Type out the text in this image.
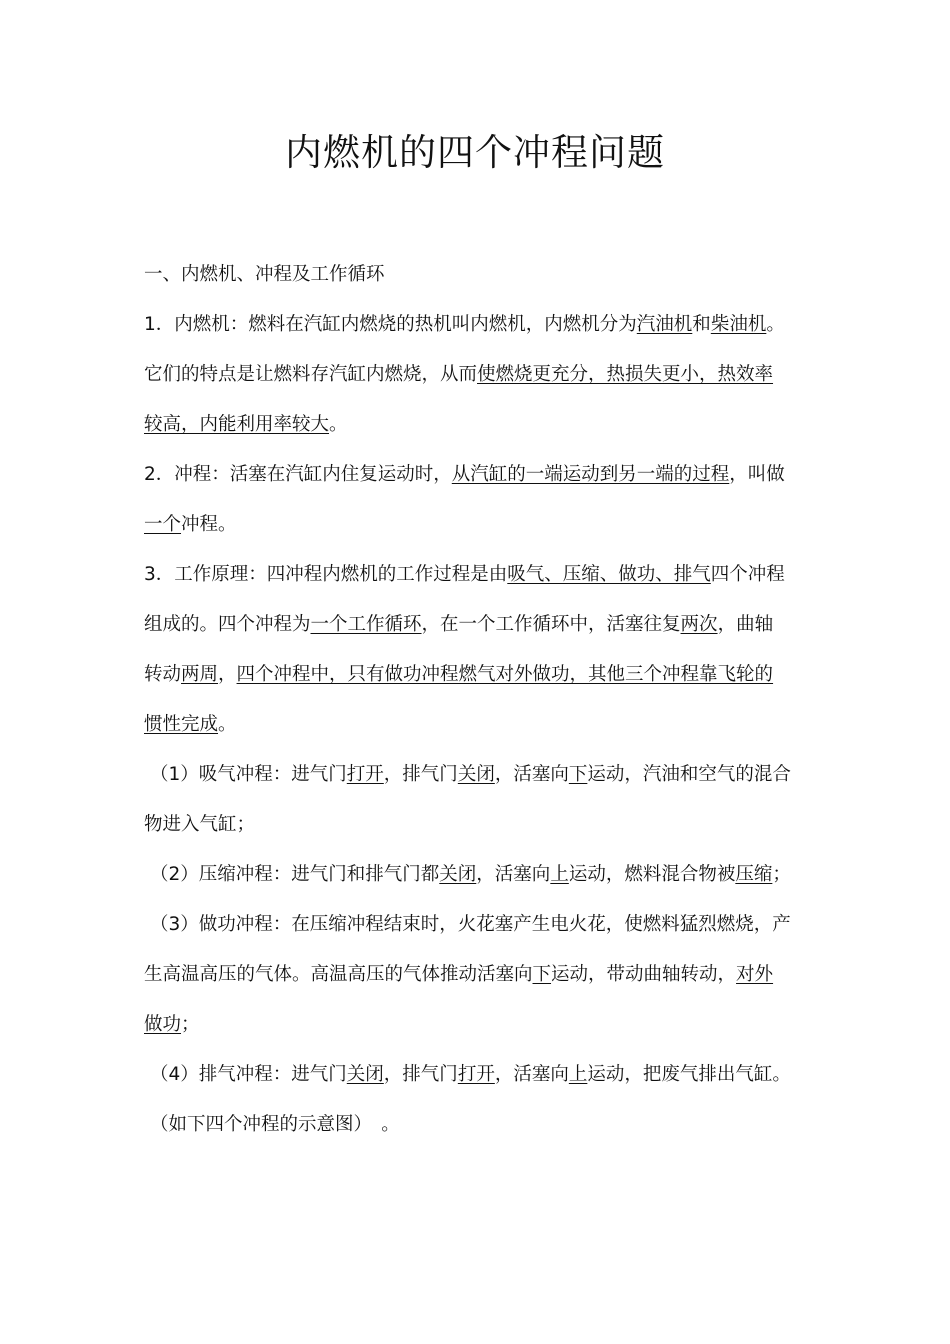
内燃机的四个冲程问题
一、内燃机、冲程及工作循环
1．内燃机：燃料在汽缸内燃烧的热机叫内燃机，内燃机分为汽油机和柴油机。
它们的特点是让燃料存汽缸内燃烧，从而使燃烧更充分，热损失更小，热效率
较高，内能利用率较大。
2．冲程：活塞在汽缸内住复运动时，从汽缸的一端运动到另一端的过程，叫做
一个冲程。
3．工作原理：四冲程内燃机的工作过程是由吸气、压缩、做功、排气四个冲程
组成的。四个冲程为一个工作循环，在一个工作循环中，活塞往复两次，曲轴
转动两周，四个冲程中，只有做功冲程燃气对外做功，其他三个冲程靠飞轮的
惯性完成。
（1）吸气冲程：进气门打开，排气门关闭，活塞向下运动，汽油和空气的混合
物进入气缸；
（2）压缩冲程：进气门和排气门都关闭，活塞向上运动，燃料混合物被压缩；
（3）做功冲程：在压缩冲程结束时，火花塞产生电火花，使燃料猛烈燃烧，产
生高温高压的气体。高温高压的气体推动活塞向下运动，带动曲轴转动，对外
做功；
（4）排气冲程：进气门关闭，排气门打开，活塞向上运动，把废气排出气缸。
（如下四个冲程的示意图）　。
